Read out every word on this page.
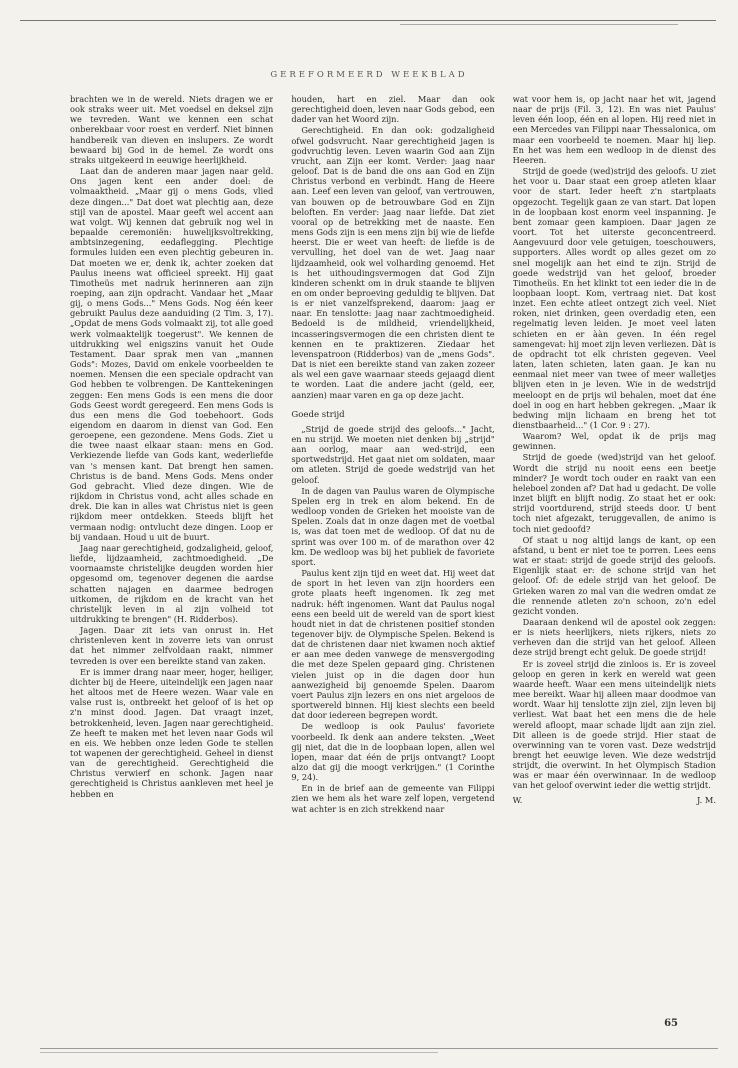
GEREFORMEERD WEEKBLAD

brachten we in de wereld. Niets dragen we er ook straks weer uit. Met voedsel en deksel zijn we tevreden. Want we kennen een schat onberekbaar voor roest en verderf. Niet binnen handbereik van dieven en inslupers. Ze wordt bewaard bij God in de hemel. Ze wordt ons straks uitgekeerd in eeuwige heerlijkheid.

Laat dan de anderen maar jagen naar geld. Ons jagen kent een ander doel: de volmaaktheid. „Maar gij o mens Gods, vlied deze dingen..." Dat doet wat plechtig aan, deze stijl van de apostel. Maar geeft wel accent aan wat volgt. Wij kennen dat gebruik nog wel in bepaalde ceremoniën: huwelijksvoltrekking, ambtsinzegening, eedaflegging. Plechtige formules luiden een even plechtig gebeuren in. Dat moeten we er, denk ik, achter zoeken dat Paulus ineens wat officieel spreekt. Hij gaat Timotheüs met nadruk herinneren aan zijn roeping, aan zijn opdracht. Vandaar het „Maar gij, o mens Gods..." Mens Gods. Nog één keer gebruikt Paulus deze aanduiding (2 Tim. 3, 17). „Opdat de mens Gods volmaakt zij, tot alle goed werk volmaaktelijk toegerust". We kennen de uitdrukking wel enigszins vanuit het Oude Testament. Daar sprak men van „mannen Gods": Mozes, David om enkele voorbeelden te noemen. Mensen die een speciale opdracht van God hebben te volbrengen. De Kanttekeningen zeggen: Een mens Gods is een mens die door Gods Geest wordt geregeerd. Een mens Gods is dus een mens die God toebehoort. Gods eigendom en daarom in dienst van God. Een geroepene, een gezondene. Mens Gods. Ziet u die twee naast elkaar staan: mens en God. Verkiezende liefde van Gods kant, wederliefde van 's mensen kant. Dat brengt hen samen. Christus is de band. Mens Gods. Mens onder God gebracht. Vlied deze dingen. Wie de rijkdom in Christus vond, acht alles schade en drek. Die kan in alles wat Christus niet is geen rijkdom meer ontdekken. Steeds blijft het vermaan nodig: ontvlucht deze dingen. Loop er bij vandaan. Houd u uit de buurt.

Jaag naar gerechtigheid, godzaligheid, geloof, liefde, lijdzaamheid, zachtmoedigheid. „De voornaamste christelijke deugden worden hier opgesomd om, tegenover degenen die aardse schatten najagen en daarmee bedrogen uitkomen, de rijkdom en de kracht van het christelijk leven in al zijn volheid tot uitdrukking te brengen" (H. Ridderbos).

Jagen. Daar zit iets van onrust in. Het christenleven kent in zoverre iets van onrust dat het nimmer zelfvoldaan raakt, nimmer tevreden is over een bereikte stand van zaken.

Er is immer drang naar meer, hoger, heiliger, dichter bij de Heere, uiteindelijk een jagen naar het altoos met de Heere wezen. Waar vale en valse rust is, ontbreekt het geloof of is het op z'n minst dood. Jagen. Dat vraagt inzet, betrokkenheid, leven. Jagen naar gerechtigheid. Ze heeft te maken met het leven naar Gods wil en eis. We hebben onze leden Gode te stellen tot wapenen der gerechtigheid. Geheel in dienst van de gerechtigheid. Gerechtigheid die Christus verwierf en schonk. Jagen naar gerechtigheid is Christus aankleven met heel je hebben en

houden, hart en ziel. Maar dan ook gerechtigheid doen, leven naar Gods gebod, een dader van het Woord zijn.

Gerechtigheid. En dan ook: godzaligheid ofwel godsvrucht. Naar gerechtigheid jagen is godvruchtig leven. Leven waarin God aan Zijn vrucht, aan Zijn eer komt. Verder: jaag naar geloof. Dat is de band die ons aan God en Zijn Christus verbond en verbindt. Hang de Heere aan. Leef een leven van geloof, van vertrouwen, van bouwen op de betrouwbare God en Zijn beloften. En verder: jaag naar liefde. Dat ziet vooral op de betrekking met de naaste. Een mens Gods zijn is een mens zijn bij wie de liefde heerst. Die er weet van heeft: de liefde is de vervulling, het doel van de wet. Jaag naar lijdzaamheid, ook wel volharding genoemd. Het is het uithoudingsvermogen dat God Zijn kinderen schenkt om in druk staande te blijven en om onder beproeving geduldig te blijven. Dat is er niet vanzelfsprekend, daarom: jaag er naar. En tenslotte: jaag naar zachtmoedigheid. Bedoeld is de mildheid, vriendelijkheid, incasseringsvermogen die een christen dient te kennen en te praktizeren. Ziedaar het levenspatroon (Ridderbos) van de „mens Gods". Dat is niet een bereikte stand van zaken zozeer als wel een gave waarnaar steeds gejaagd dient te worden. Laat die andere jacht (geld, eer, aanzien) maar varen en ga op deze jacht.

Goede strijd

„Strijd de goede strijd des geloofs..." Jacht, en nu strijd. We moeten niet denken bij „strijd" aan oorlog, maar aan wed-strijd, een sportwedstrijd. Het gaat niet om soldaten, maar om atleten. Strijd de goede wedstrijd van het geloof.

In de dagen van Paulus waren de Olympische Spelen erg in trek en alom bekend. En de wedloop vonden de Grieken het mooiste van de Spelen. Zoals dat in onze dagen met de voetbal is, was dat toen met de wedloop. Of dat nu de sprint was over 100 m. of de marathon over 42 km. De wedloop was bij het publiek de favoriete sport.

Paulus kent zijn tijd en weet dat. Hij weet dat de sport in het leven van zijn hoorders een grote plaats heeft ingenomen. Ik zeg met nadruk: héft ingenomen. Want dat Paulus nogal eens een beeld uit de wereld van de sport kiest houdt niet in dat de christenen positief stonden tegenover bijv. de Olympische Spelen. Bekend is dat de christenen daar niet kwamen noch aktief er aan mee deden vanwege de mensvergoding die met deze Spelen gepaard ging. Christenen vielen juist op in die dagen door hun aanwezigheid bij genoemde Spelen. Daarom voert Paulus zijn lezers en ons niet argeloos de sportwereld binnen. Hij kiest slechts een beeld dat door iedereen begrepen wordt.

De wedloop is ook Paulus' favoriete voorbeeld. Ik denk aan andere teksten. „Weet gij niet, dat die in de loopbaan lopen, allen wel lopen, maar dat één de prijs ontvangt? Loopt alzo dat gij die moogt verkrijgen." (1 Corinthe 9, 24).

En in de brief aan de gemeente van Filippi zien we hem als het ware zelf lopen, vergetend wat achter is en zich strekkend naar

wat voor hem is, op jacht naar het wit, jagend naar de prijs (Fil. 3, 12). En was niet Paulus' leven één loop, één en al lopen. Hij reed niet in een Mercedes van Filippi naar Thessalonica, om maar een voorbeeld te noemen. Maar hij liep. En het was hem een wedloop in de dienst des Heeren.

Strijd de goede (wed)strijd des geloofs. U ziet het voor u. Daar staat een groep atleten klaar voor de start. Ieder heeft z'n startplaats opgezocht. Tegelijk gaan ze van start. Dat lopen in de loopbaan kost enorm veel inspanning. Je bent zomaar geen kampioen. Daar jagen ze voort. Tot het uiterste geconcentreerd. Aangevuurd door vele getuigen, toeschouwers, supporters. Alles wordt op alles gezet om zo snel mogelijk aan het eind te zijn. Strijd de goede wedstrijd van het geloof, broeder Timotheüs. En het klinkt tot een ieder die in de loopbaan loopt. Kom, vertraag niet. Dat kost inzet. Een echte atleet ontzegt zich veel. Niet roken, niet drinken, geen overdadig eten, een regelmatig leven leiden. Je moet veel laten schieten en er ààn geven. In één regel samengevat: hij moet zijn leven verliezen. Dàt is de opdracht tot elk christen gegeven. Veel laten, laten schieten, laten gaan. Je kan nu eenmaal niet meer van twee of meer walletjes blijven eten in je leven. Wie in de wedstrijd meeloopt en de prijs wil behalen, moet dat éne doel in oog en hart hebben gekregen. „Maar ik bedwing mijn lichaam en breng het tot dienstbaarheid..." (1 Cor. 9 : 27).

Waarom? Wel, opdat ik de prijs mag gewinnen.

Strijd de goede (wed)strijd van het geloof. Wordt die strijd nu nooit eens een beetje minder? Je wordt toch ouder en raakt van een heleboel zonden af? Dat had u gedacht. De volle inzet blijft en blijft nodig. Zo staat het er ook: strijd voortdurend, strijd steeds door. U bent toch niet afgezakt, teruggevallen, de animo is toch niet gedoofd?

Of staat u nog altijd langs de kant, op een afstand, u bent er niet toe te porren. Lees eens wat er staat: strijd de goede strijd des geloofs. Eigenlijk staat er: de schone strijd van het geloof. Of: de edele strijd van het geloof. De Grieken waren zo mal van die wedren omdat ze die rennende atleten zo'n schoon, zo'n edel gezicht vonden.

Daaraan denkend wil de apostel ook zeggen: er is niets heerlijkers, niets rijkers, niets zo verheven dan die strijd van het geloof. Alleen deze strijd brengt echt geluk. De goede strijd!

Er is zoveel strijd die zinloos is. Er is zoveel geloop en geren in kerk en wereld wat geen waarde heeft. Waar een mens uiteindelijk niets mee bereikt. Waar hij alleen maar doodmoe van wordt. Waar hij tenslotte zijn ziel, zijn leven bij verliest. Wat baat het een mens die de hele wereld afloopt, maar schade lijdt aan zijn ziel. Dit alleen is de goede strijd. Hier staat de overwinning van te voren vast. Deze wedstrijd brengt het eeuwige leven. Wie deze wedstrijd strijdt, die overwint. In het Olympisch Stadion was er maar één overwinnaar. In de wedloop van het geloof overwint ieder die wettig strijdt.

W.	J. M.
65
